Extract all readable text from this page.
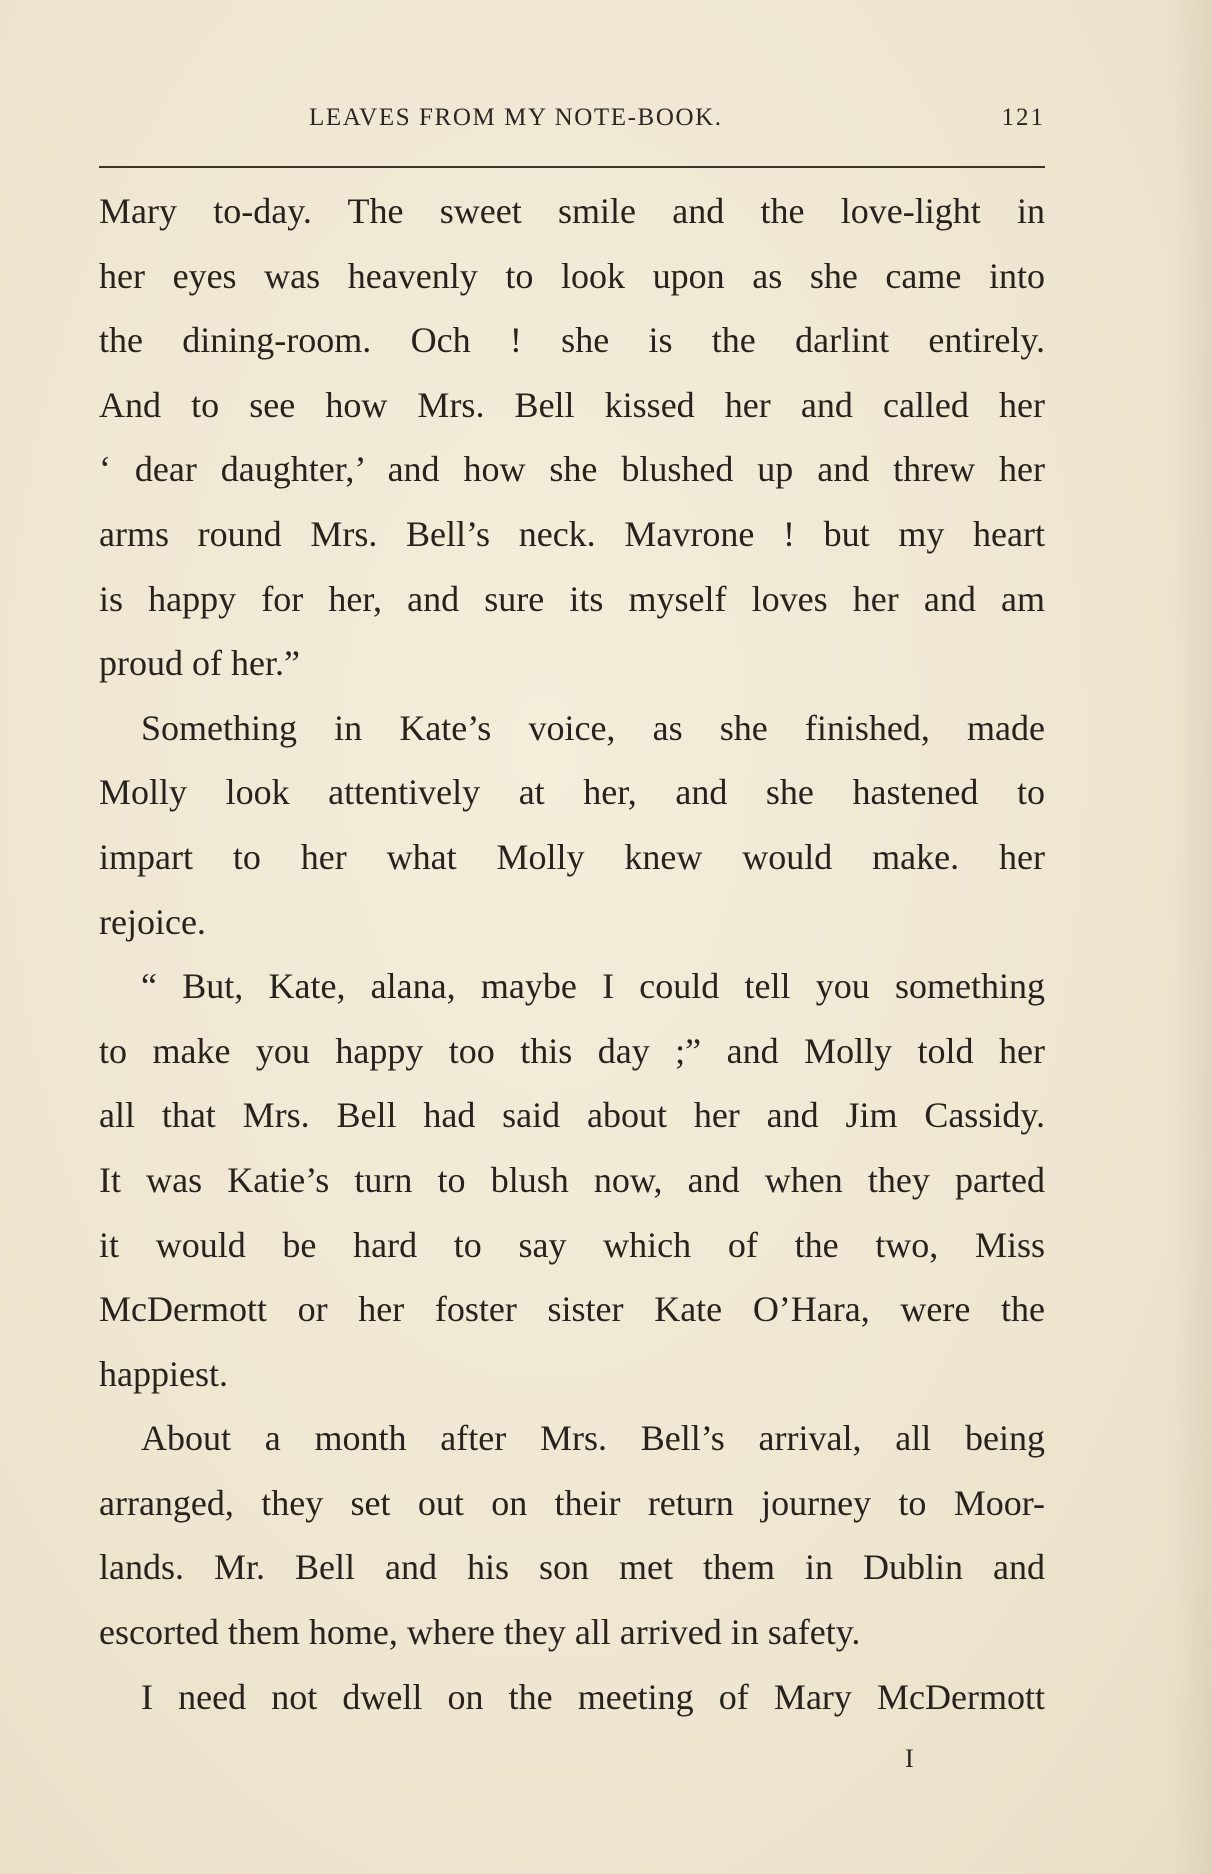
LEAVES FROM MY NOTE-BOOK.	121
Mary to-day. The sweet smile and the love-light in
her eyes was heavenly to look upon as she came into
the dining-room. Och ! she is the darlint entirely.
And to see how Mrs. Bell kissed her and called her
‘ dear daughter,’ and how she blushed up and threw her
arms round Mrs. Bell’s neck. Mavrone ! but my heart
is happy for her, and sure its myself loves her and am
proud of her.”
Something in Kate’s voice, as she finished, made
Molly look attentively at her, and she hastened to
impart to her what Molly knew would make. her
rejoice.
“ But, Kate, alana, maybe I could tell you something
to make you happy too this day ;” and Molly told her
all that Mrs. Bell had said about her and Jim Cassidy.
It was Katie’s turn to blush now, and when they parted
it would be hard to say which of the two, Miss
McDermott or her foster sister Kate O’Hara, were the
happiest.
About a month after Mrs. Bell’s arrival, all being
arranged, they set out on their return journey to Moor-
lands. Mr. Bell and his son met them in Dublin and
escorted them home, where they all arrived in safety.
I need not dwell on the meeting of Mary McDermott
I
